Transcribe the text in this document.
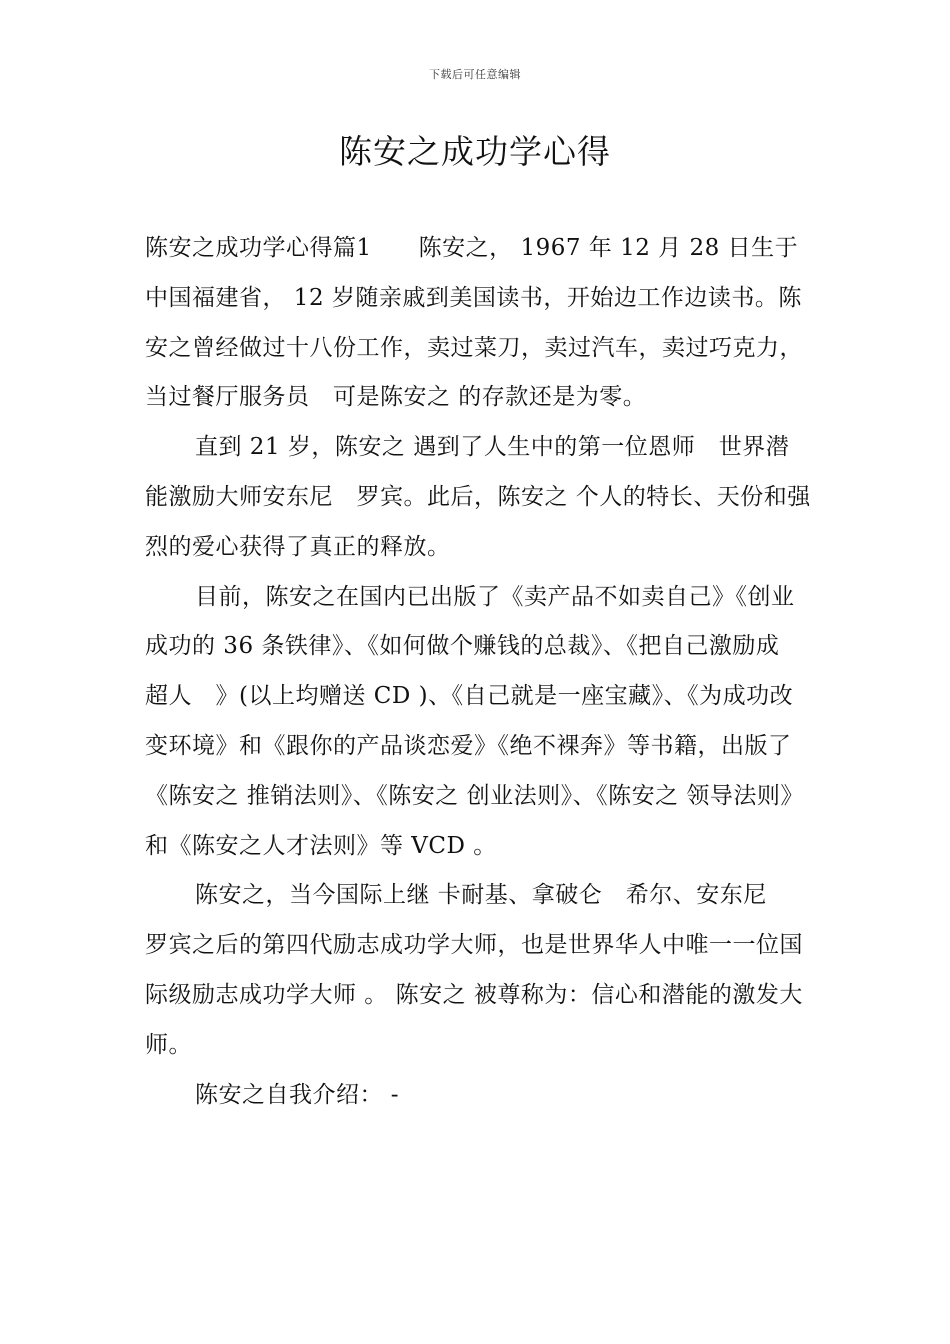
下载后可任意编辑
陈安之成功学心得

陈安之成功学心得篇1　　陈安之， 1967 年 12 月 28 日生于中国福建省， 12 岁随亲戚到美国读书，开始边工作边读书。陈安之曾经做过十八份工作，卖过菜刀，卖过汽车，卖过巧克力，当过餐厅服务员　可是陈安之 的存款还是为零。

直到 21 岁，陈安之 遇到了人生中的第一位恩师　世界潜能激励大师安东尼　罗宾。此后，陈安之 个人的特长、天份和强烈的爱心获得了真正的释放。

目前，陈安之在国内已出版了《卖产品不如卖自己》《创业成功的 36 条铁律》、《如何做个赚钱的总裁》、《把自己激励成　超人　》(以上均赠送 CD )、《自己就是一座宝藏》、《为成功改变环境》和《跟你的产品谈恋爱》《绝不裸奔》等书籍，出版了《陈安之 推销法则》、《陈安之 创业法则》、《陈安之 领导法则》和《陈安之人才法则》等 VCD 。

陈安之，当今国际上继 卡耐基、拿破仑　希尔、安东尼　罗宾之后的第四代励志成功学大师，也是世界华人中唯一一位国际级励志成功学大师 。 陈安之 被尊称为：信心和潜能的激发大师。

陈安之自我介绍： -
